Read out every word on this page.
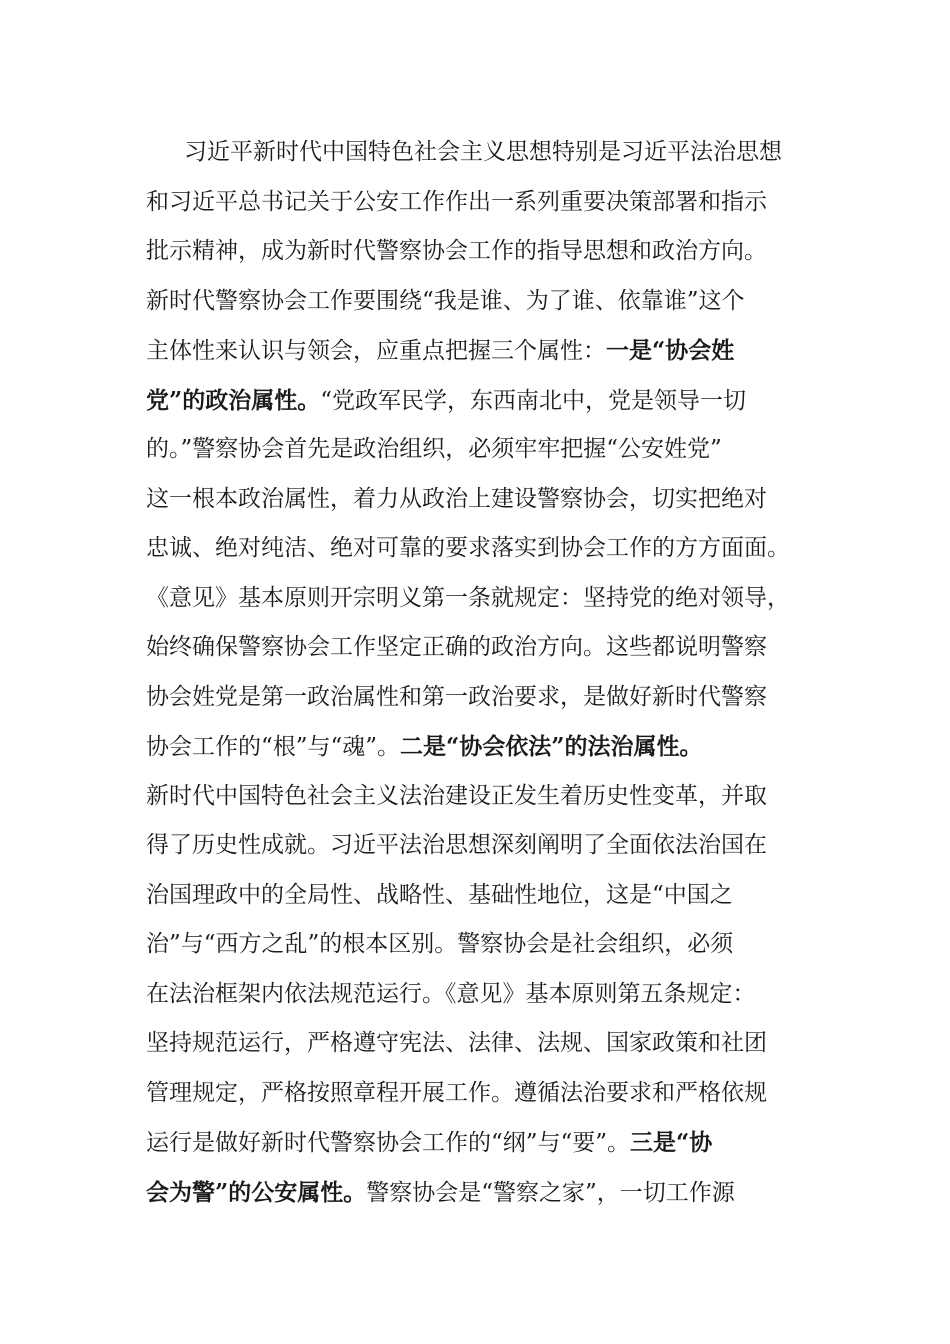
习近平新时代中国特色社会主义思想特别是习近平法治思想
和习近平总书记关于公安工作作出一系列重要决策部署和指示
批示精神，成为新时代警察协会工作的指导思想和政治方向。
新时代警察协会工作要围绕“我是谁、为了谁、依靠谁”这个
主体性来认识与领会，应重点把握三个属性：一是“协会姓
党”的政治属性。“党政军民学，东西南北中，党是领导一切
的。”警察协会首先是政治组织，必须牢牢把握“公安姓党”
这一根本政治属性，着力从政治上建设警察协会，切实把绝对
忠诚、绝对纯洁、绝对可靠的要求落实到协会工作的方方面面。
《意见》基本原则开宗明义第一条就规定：坚持党的绝对领导，
始终确保警察协会工作坚定正确的政治方向。这些都说明警察
协会姓党是第一政治属性和第一政治要求，是做好新时代警察
协会工作的“根”与“魂”。二是“协会依法”的法治属性。
新时代中国特色社会主义法治建设正发生着历史性变革，并取
得了历史性成就。习近平法治思想深刻阐明了全面依法治国在
治国理政中的全局性、战略性、基础性地位，这是“中国之
治”与“西方之乱”的根本区别。警察协会是社会组织，必须
在法治框架内依法规范运行。《意见》基本原则第五条规定：
坚持规范运行，严格遵守宪法、法律、法规、国家政策和社团
管理规定，严格按照章程开展工作。遵循法治要求和严格依规
运行是做好新时代警察协会工作的“纲”与“要”。三是“协
会为警”的公安属性。警察协会是“警察之家”，一切工作源
